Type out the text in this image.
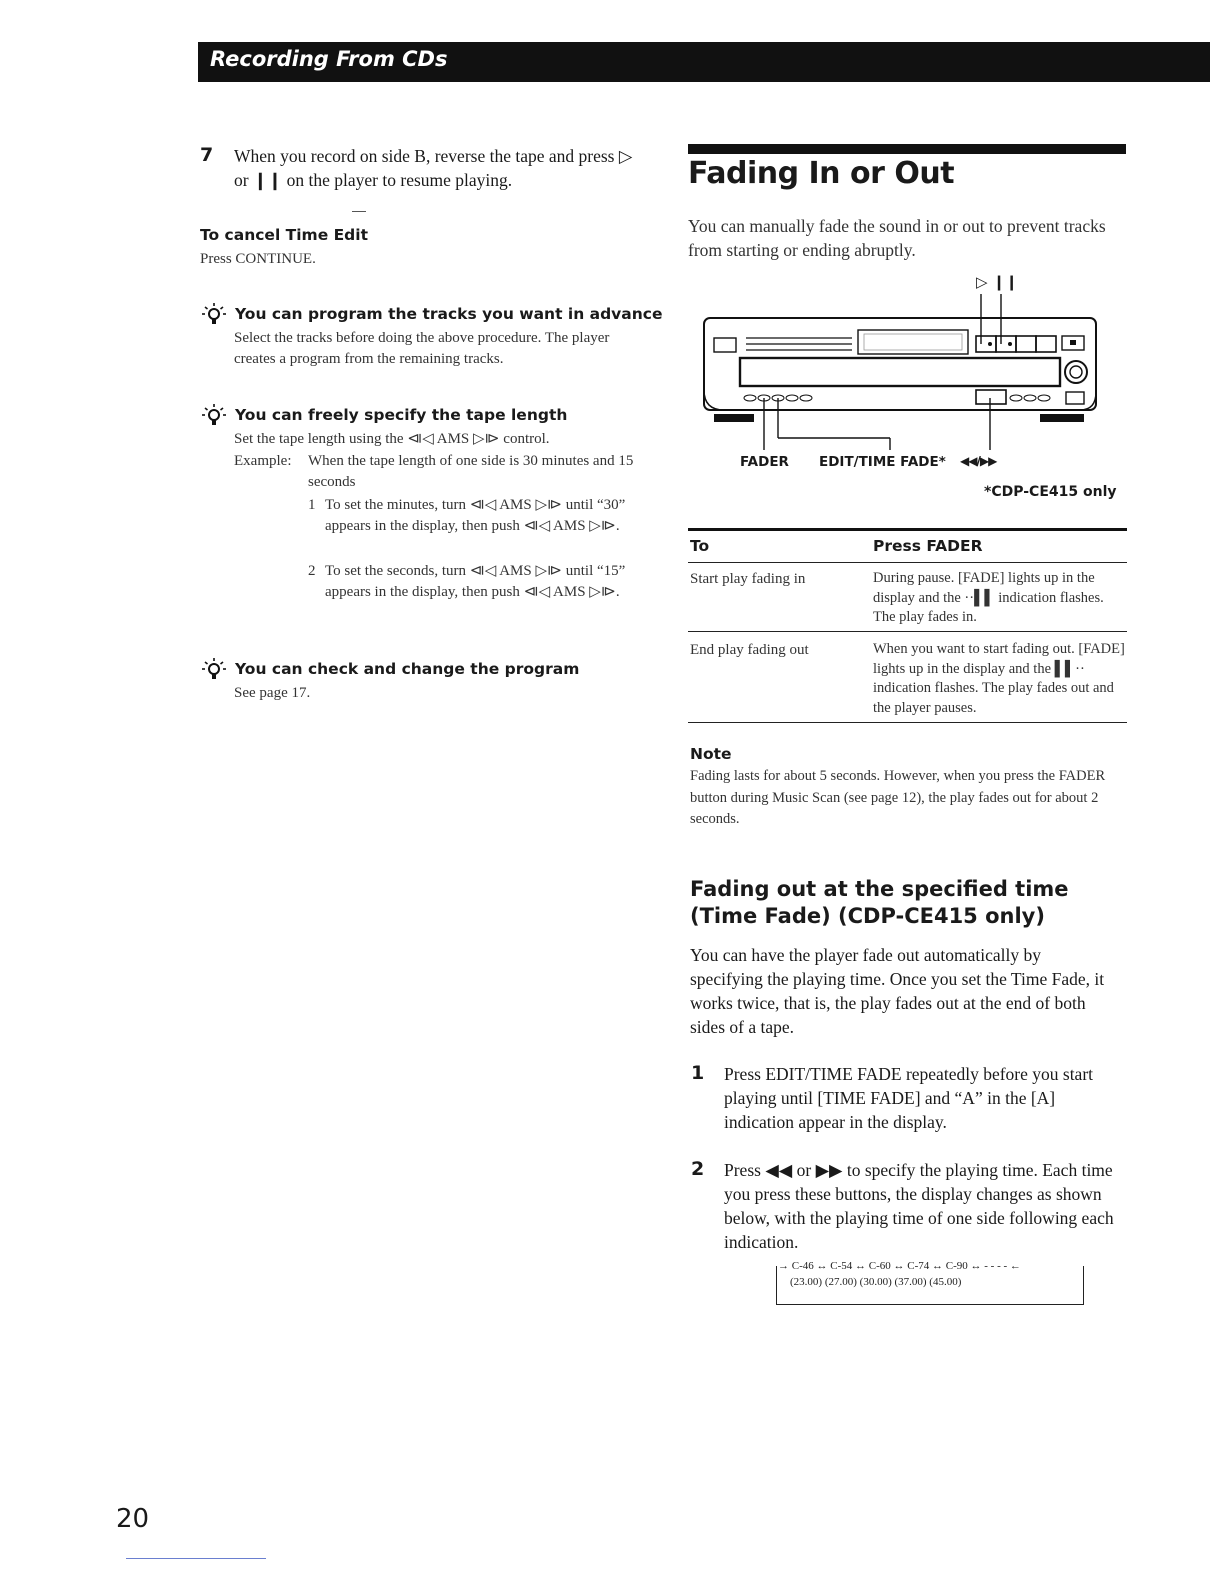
Recording From CDs
7 When you record on side B, reverse the tape and press ▷ or ❙❙ on the player to resume playing.
To cancel Time Edit
Press CONTINUE.
You can program the tracks you want in advance
Select the tracks before doing the above procedure. The player creates a program from the remaining tracks.
You can freely specify the tape length
Set the tape length using the ⧏◁ AMS ▷⧐ control.
Example: When the tape length of one side is 30 minutes and 15 seconds
1 To set the minutes, turn ⧏◁ AMS ▷⧐ until “30” appears in the display, then push ⧏◁ AMS ▷⧐.
2 To set the seconds, turn ⧏◁ AMS ▷⧐ until “15” appears in the display, then push ⧏◁ AMS ▷⧐.
You can check and change the program
See page 17.
Fading In or Out
You can manually fade the sound in or out to prevent tracks from starting or ending abruptly.
▷ ❙❙
FADER EDIT/TIME FADE* ◀◀/▶▶
*CDP-CE415 only
To	Press FADER
Start play fading in	During pause. [FADE] lights up in the display and the ··▌▌ indication flashes. The play fades in.
End play fading out	When you want to start fading out. [FADE] lights up in the display and the ▌▌·· indication flashes. The play fades out and the player pauses.
Note
Fading lasts for about 5 seconds. However, when you press the FADER button during Music Scan (see page 12), the play fades out for about 2 seconds.
Fading out at the specified time
(Time Fade) (CDP-CE415 only)
You can have the player fade out automatically by specifying the playing time. Once you set the Time Fade, it works twice, that is, the play fades out at the end of both sides of a tape.
1 Press EDIT/TIME FADE repeatedly before you start playing until [TIME FADE] and “A” in the [A] indication appear in the display.
2 Press ◀◀ or ▶▶ to specify the playing time. Each time you press these buttons, the display changes as shown below, with the playing time of one side following each indication.
→ C-46 ↔ C-54 ↔ C-60 ↔ C-74 ↔ C-90 ↔ - - - - ←
(23.00) (27.00) (30.00) (37.00) (45.00)
20
